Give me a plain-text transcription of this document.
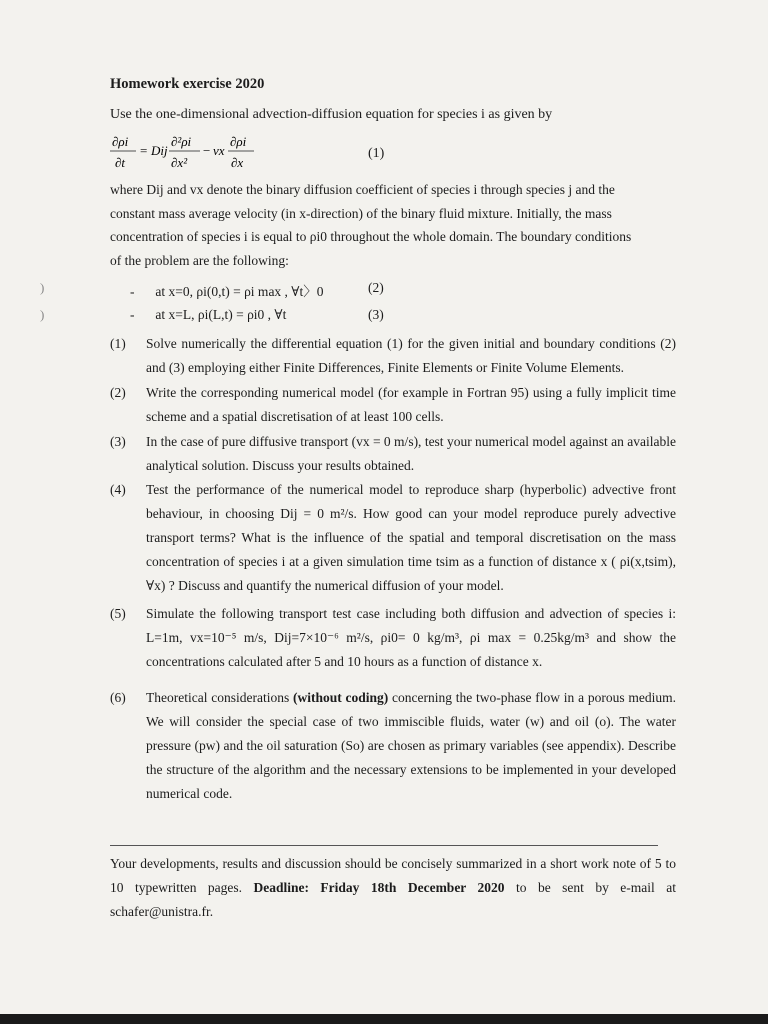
Homework exercise 2020
Use the one-dimensional advection-diffusion equation for species i as given by
∂ρi
∂t
= Dij
∂²ρi
∂x²
− vx
∂ρi
∂x
(1)

where Dij and vx denote the binary diffusion coefficient of species i through species j and the

constant mass average velocity (in x-direction) of the binary fluid mixture. Initially, the mass

concentration of species i is equal to ρi0 throughout the whole domain. The boundary conditions

of the problem are the following:

- at x=0, ρi(0,t) = ρi max , ∀t〉0	(2)
- at x=L, ρi(L,t) = ρi0 , ∀t	(3)
)
)
(1)	Solve numerically the differential equation (1) for the given initial and boundary conditions (2) and (3) employing either Finite Differences, Finite Elements or Finite Volume Elements.
(2)	Write the corresponding numerical model (for example in Fortran 95) using a fully implicit time scheme and a spatial discretisation of at least 100 cells.
(3)	In the case of pure diffusive transport (vx = 0 m/s), test your numerical model against an available analytical solution. Discuss your results obtained.
(4)	Test the performance of the numerical model to reproduce sharp (hyperbolic) advective front behaviour, in choosing Dij = 0 m²/s. How good can your model reproduce purely advective transport terms? What is the influence of the spatial and temporal discretisation on the mass concentration of species i at a given simulation time tsim as a function of distance x ( ρi(x,tsim), ∀x) ? Discuss and quantify the numerical diffusion of your model.
(5)	Simulate the following transport test case including both diffusion and advection of species i: L=1m, vx=10⁻⁵ m/s, Dij=7×10⁻⁶ m²/s, ρi0= 0 kg/m³, ρi max = 0.25kg/m³ and show the concentrations calculated after 5 and 10 hours as a function of distance x.
(6)	Theoretical considerations (without coding) concerning the two-phase flow in a porous medium. We will consider the special case of two immiscible fluids, water (w) and oil (o). The water pressure (pw) and the oil saturation (So) are chosen as primary variables (see appendix). Describe the structure of the algorithm and the necessary extensions to be implemented in your developed numerical code.
Your developments, results and discussion should be concisely summarized in a short work note of 5 to 10 typewritten pages. Deadline: Friday 18th December 2020 to be sent by e-mail at schafer@unistra.fr.
